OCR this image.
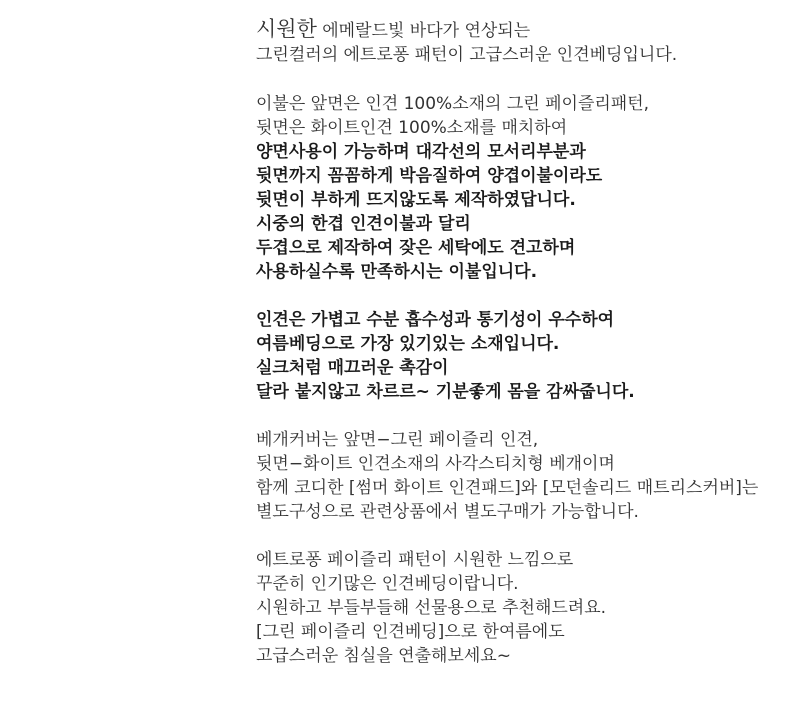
시원한 에메랄드빛 바다가 연상되는
그린컬러의 에트로퐁 패턴이 고급스러운 인견베딩입니다.
이불은 앞면은 인견 100%소재의 그린 페이즐리패턴,
뒷면은 화이트인견 100%소재를 매치하여
양면사용이 가능하며 대각선의 모서리부분과
뒷면까지 꼼꼼하게 박음질하여 양겹이불이라도
뒷면이 부하게 뜨지않도록 제작하였답니다.
시중의 한겹 인견이불과 달리
두겹으로 제작하여 잦은 세탁에도 견고하며
사용하실수록 만족하시는 이불입니다.
인견은 가볍고 수분 흡수성과 통기성이 우수하여
여름베딩으로 가장 있기있는 소재입니다.
실크처럼 매끄러운 촉감이
달라 붙지않고 차르르~ 기분좋게 몸을 감싸줍니다.
베개커버는 앞면−그린 페이즐리 인견,
뒷면−화이트 인견소재의 사각스티치형 베개이며
함께 코디한 [썸머 화이트 인견패드]와 [모던솔리드 매트리스커버]는
별도구성으로 관련상품에서 별도구매가 가능합니다.
에트로퐁 페이즐리 패턴이 시원한 느낌으로
꾸준히 인기많은 인견베딩이랍니다.
시원하고 부들부들해 선물용으로 추천해드려요.
[그린 페이즐리 인견베딩]으로 한여름에도
고급스러운 침실을 연출해보세요~
